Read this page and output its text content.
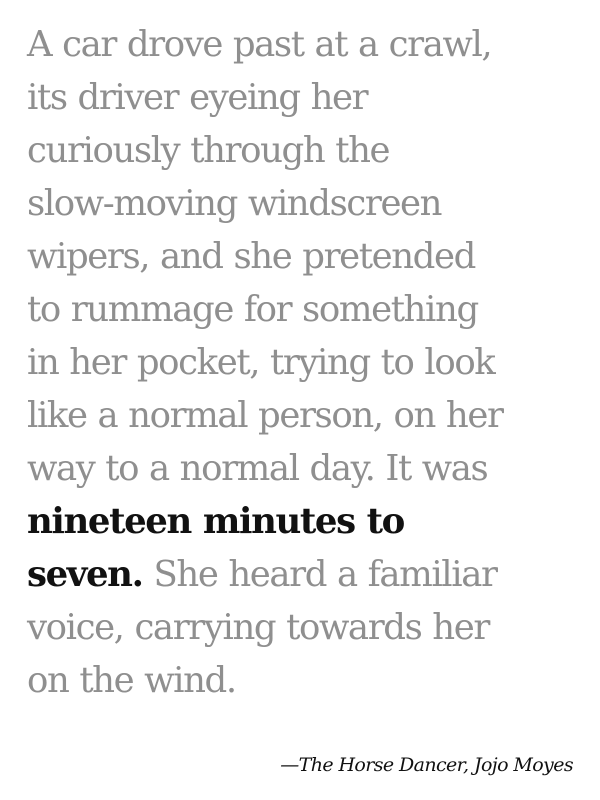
A car drove past at a crawl,
its driver eyeing her
curiously through the
slow-moving windscreen
wipers, and she pretended
to rummage for something
in her pocket, trying to look
like a normal person, on her
way to a normal day. It was
nineteen minutes to
seven. She heard a familiar
voice, carrying towards her
on the wind.

—The Horse Dancer, Jojo Moyes
